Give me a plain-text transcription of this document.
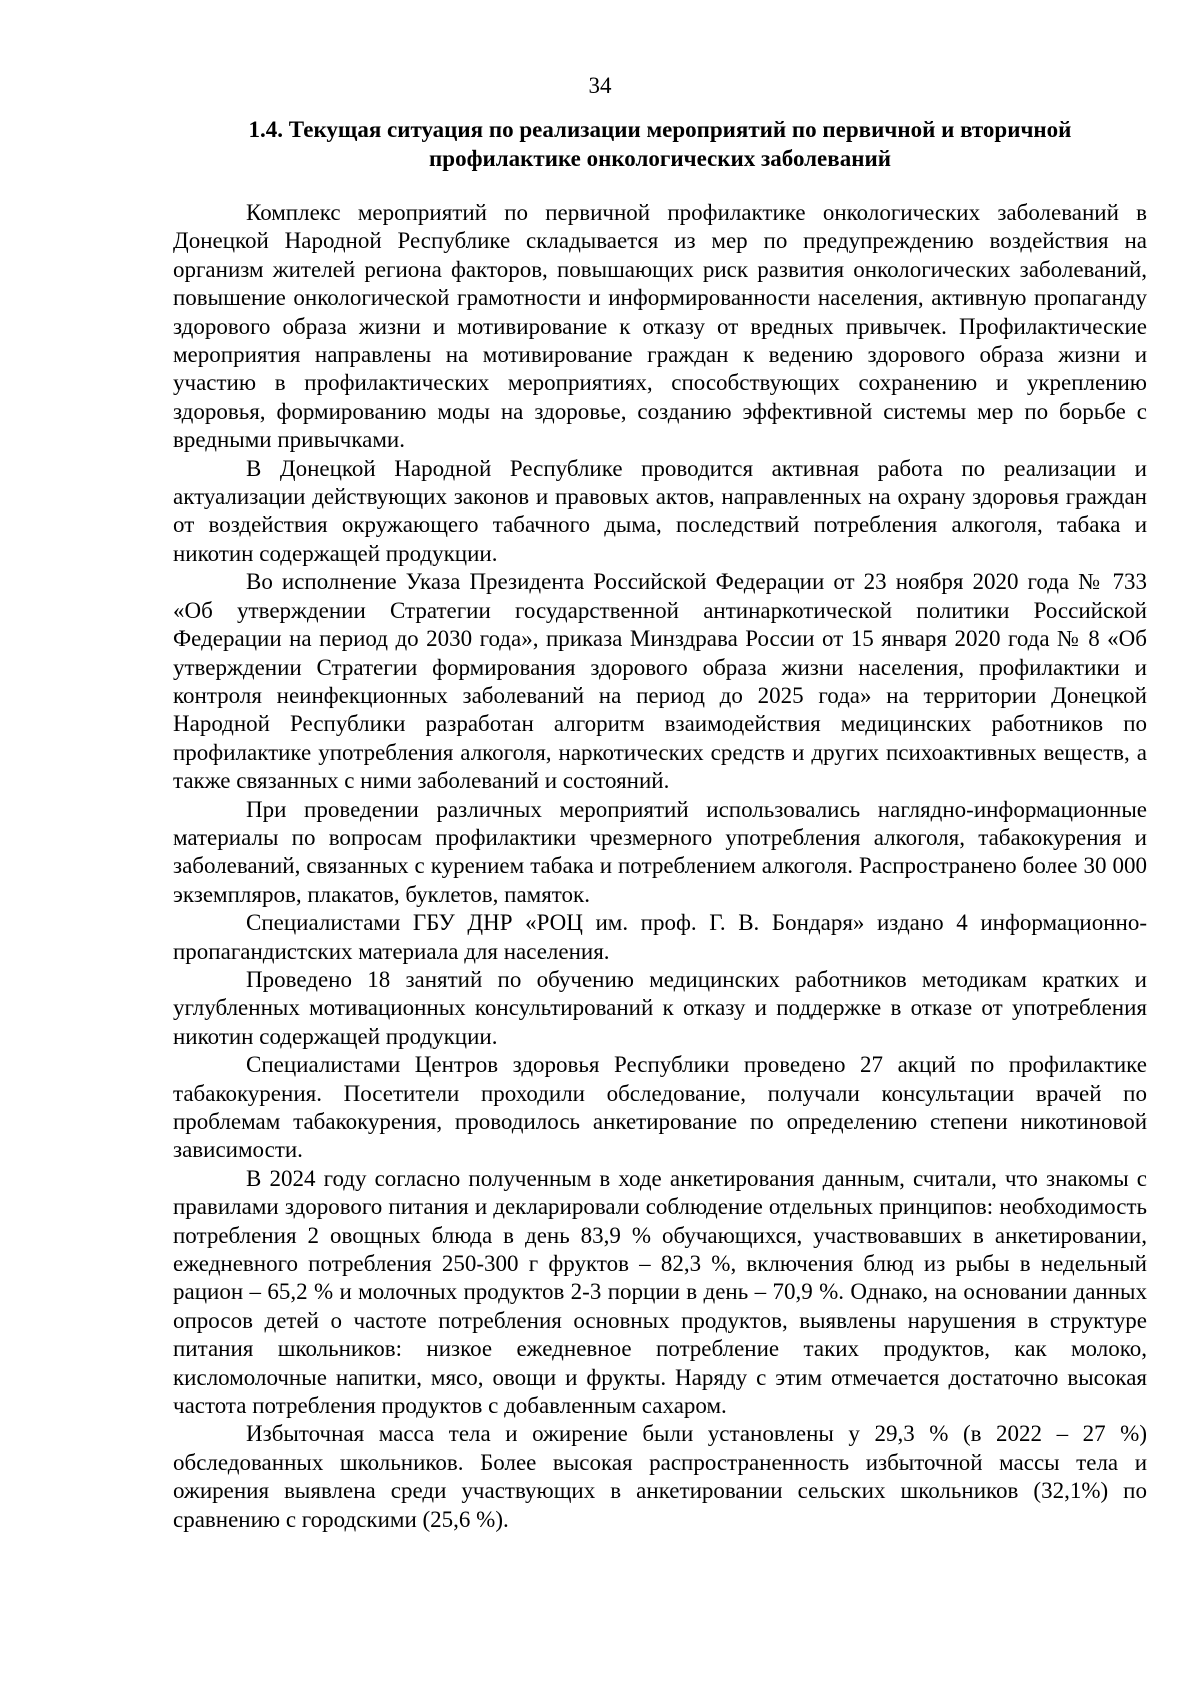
34
1.4. Текущая ситуация по реализации мероприятий по первичной и вторичной профилактике онкологических заболеваний

Комплекс мероприятий по первичной профилактике онкологических заболеваний в Донецкой Народной Республике складывается из мер по предупреждению воздействия на организм жителей региона факторов, повышающих риск развития онкологических заболеваний, повышение онкологической грамотности и информированности населения, активную пропаганду здорового образа жизни и мотивирование к отказу от вредных привычек. Профилактические мероприятия направлены на мотивирование граждан к ведению здорового образа жизни и участию в профилактических мероприятиях, способствующих сохранению и укреплению здоровья, формированию моды на здоровье, созданию эффективной системы мер по борьбе с вредными привычками.

В Донецкой Народной Республике проводится активная работа по реализации и актуализации действующих законов и правовых актов, направленных на охрану здоровья граждан от воздействия окружающего табачного дыма, последствий потребления алкоголя, табака и никотин содержащей продукции.

Во исполнение Указа Президента Российской Федерации от 23 ноября 2020 года № 733 «Об утверждении Стратегии государственной антинаркотической политики Российской Федерации на период до 2030 года», приказа Минздрава России от 15 января 2020 года № 8 «Об утверждении Стратегии формирования здорового образа жизни населения, профилактики и контроля неинфекционных заболеваний на период до 2025 года» на территории Донецкой Народной Республики разработан алгоритм взаимодействия медицинских работников по профилактике употребления алкоголя, наркотических средств и других психоактивных веществ, а также связанных с ними заболеваний и состояний.

При проведении различных мероприятий использовались наглядно-информационные материалы по вопросам профилактики чрезмерного употребления алкоголя, табакокурения и заболеваний, связанных с курением табака и потреблением алкоголя. Распространено более 30 000 экземпляров, плакатов, буклетов, памяток.

Специалистами ГБУ ДНР «РОЦ им. проф. Г. В. Бондаря» издано 4 информационно-пропагандистских материала для населения.

Проведено 18 занятий по обучению медицинских работников методикам кратких и углубленных мотивационных консультирований к отказу и поддержке в отказе от употребления никотин содержащей продукции.

Специалистами Центров здоровья Республики проведено 27 акций по профилактике табакокурения. Посетители проходили обследование, получали консультации врачей по проблемам табакокурения, проводилось анкетирование по определению степени никотиновой зависимости.

В 2024 году согласно полученным в ходе анкетирования данным, считали, что знакомы с правилами здорового питания и декларировали соблюдение отдельных принципов: необходимость потребления 2 овощных блюда в день 83,9 % обучающихся, участвовавших в анкетировании, ежедневного потребления 250-300 г фруктов – 82,3 %, включения блюд из рыбы в недельный рацион – 65,2 % и молочных продуктов 2-3 порции в день – 70,9 %. Однако, на основании данных опросов детей о частоте потребления основных продуктов, выявлены нарушения в структуре питания школьников: низкое ежедневное потребление таких продуктов, как молоко, кисломолочные напитки, мясо, овощи и фрукты. Наряду с этим отмечается достаточно высокая частота потребления продуктов с добавленным сахаром.

Избыточная масса тела и ожирение были установлены у 29,3 % (в 2022 – 27 %) обследованных школьников. Более высокая распространенность избыточной массы тела и ожирения выявлена среди участвующих в анкетировании сельских школьников (32,1%) по сравнению с городскими (25,6 %).
